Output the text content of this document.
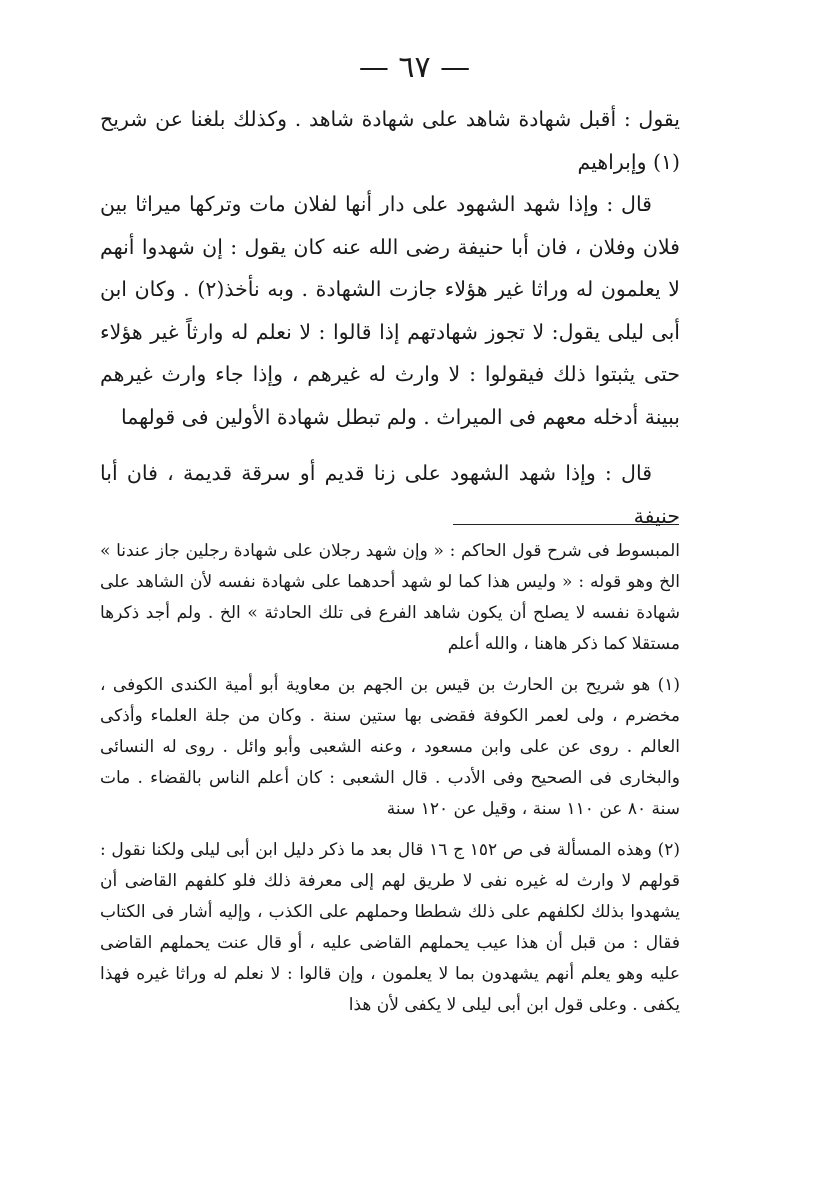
— ٦٧ —

يقول : أقبل شهادة شاهد على شهادة شاهد . وكذلك بلغنا عن شريح (١) وإبراهيم

قال : وإذا شهد الشهود على دار أنها لفلان مات وتركها ميراثا بين فلان وفلان ، فان أبا حنيفة رضى الله عنه كان يقول : إن شهدوا أنهم لا يعلمون له وراثا غير هؤلاء جازت الشهادة . وبه نأخذ(٢) . وكان ابن أبى ليلى يقول: لا تجوز شهادتهم إذا قالوا : لا نعلم له وارثاً غير هؤلاء حتى يثبتوا ذلك فيقولوا : لا وارث له غيرهم ، وإذا جاء وارث غيرهم ببينة أدخله معهم فى الميراث . ولم تبطل شهادة الأولين فى قولهما

قال : وإذا شهد الشهود على زنا قديم أو سرقة قديمة ، فان أبا حنيفة

المبسوط فى شرح قول الحاكم : « وإن شهد رجلان على شهادة رجلين جاز عندنا » الخ وهو قوله : « وليس هذا كما لو شهد أحدهما على شهادة نفسه لأن الشاهد على شهادة نفسه لا يصلح أن يكون شاهد الفرع فى تلك الحادثة » الخ . ولم أجد ذكرها مستقلا كما ذكر هاهنا ، والله أعلم

(١) هو شريح بن الحارث بن قيس بن الجهم بن معاوية أبو أمية الكندى الكوفى ، مخضرم ، ولى لعمر الكوفة فقضى بها ستين سنة . وكان من جلة العلماء وأذكى العالم . روى عن على وابن مسعود ، وعنه الشعبى وأبو وائل . روى له النسائى والبخارى فى الصحيح وفى الأدب . قال الشعبى : كان أعلم الناس بالقضاء . مات سنة ٨٠ عن ١١٠ سنة ، وقيل عن ١٢٠ سنة

(٢) وهذه المسألة فى ص ١٥٢ ج ١٦ قال بعد ما ذكر دليل ابن أبى ليلى ولكنا نقول : قولهم لا وارث له غيره نفى لا طريق لهم إلى معرفة ذلك فلو كلفهم القاضى أن يشهدوا بذلك لكلفهم على ذلك شططا وحملهم على الكذب ، وإليه أشار فى الكتاب فقال : من قبل أن هذا عيب يحملهم القاضى عليه ، أو قال عنت يحملهم القاضى عليه وهو يعلم أنهم يشهدون بما لا يعلمون ، وإن قالوا : لا نعلم له وراثا غيره فهذا يكفى . وعلى قول ابن أبى ليلى لا يكفى لأن هذا
